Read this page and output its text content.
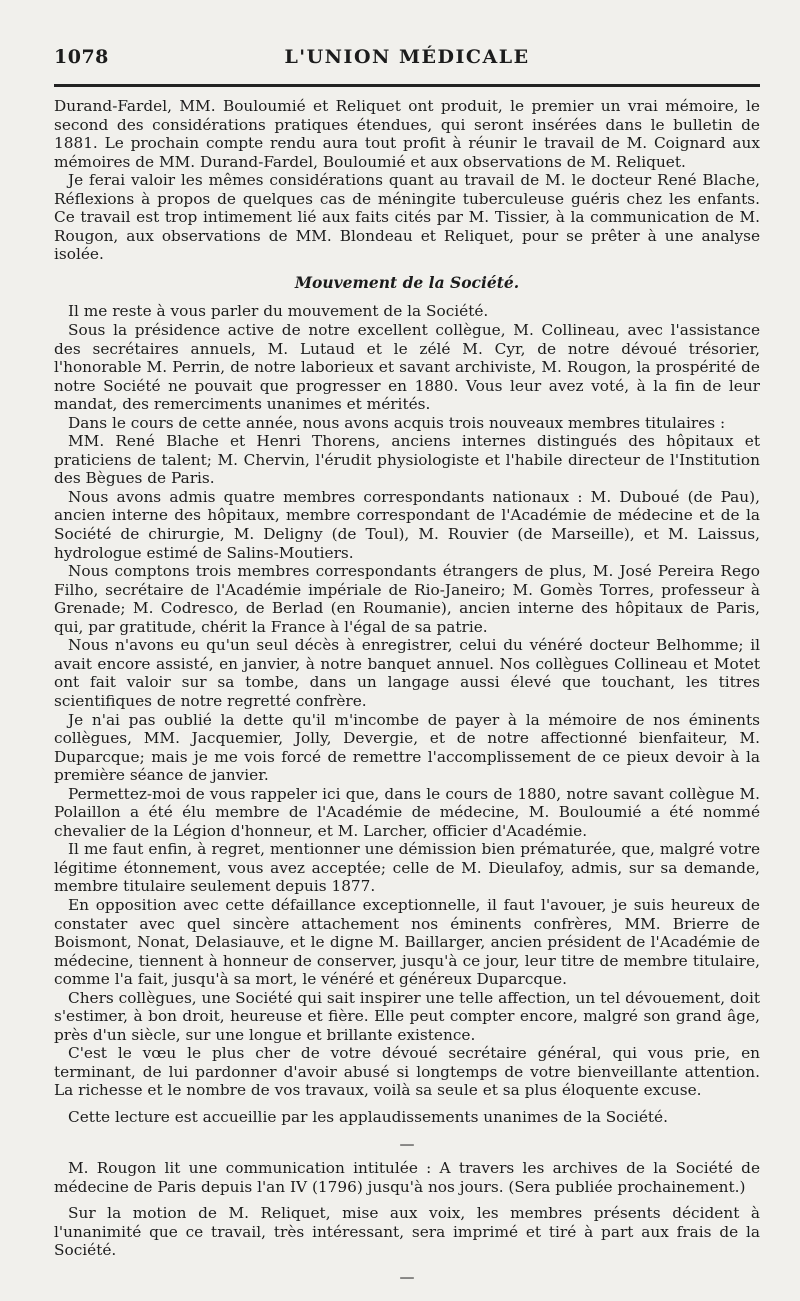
1078	L'UNION MÉDICALE

Durand-Fardel, MM. Bouloumié et Reliquet ont produit, le premier un vrai mémoire, le second des considérations pratiques étendues, qui seront insérées dans le bulletin de 1881. Le prochain compte rendu aura tout profit à réunir le travail de M. Coignard aux mémoires de MM. Durand-Fardel, Bouloumié et aux observations de M. Reliquet.

Je ferai valoir les mêmes considérations quant au travail de M. le docteur René Blache, Réflexions à propos de quelques cas de méningite tuberculeuse guéris chez les enfants. Ce travail est trop intimement lié aux faits cités par M. Tissier, à la communication de M. Rougon, aux observations de MM. Blondeau et Reliquet, pour se prêter à une analyse isolée.

Mouvement de la Société.

Il me reste à vous parler du mouvement de la Société.

Sous la présidence active de notre excellent collègue, M. Collineau, avec l'assistance des secrétaires annuels, M. Lutaud et le zélé M. Cyr, de notre dévoué trésorier, l'honorable M. Perrin, de notre laborieux et savant archiviste, M. Rougon, la prospérité de notre Société ne pouvait que progresser en 1880. Vous leur avez voté, à la fin de leur mandat, des remerciments unanimes et mérités.

Dans le cours de cette année, nous avons acquis trois nouveaux membres titulaires :

MM. René Blache et Henri Thorens, anciens internes distingués des hôpitaux et praticiens de talent; M. Chervin, l'érudit physiologiste et l'habile directeur de l'Institution des Bègues de Paris.

Nous avons admis quatre membres correspondants nationaux : M. Duboué (de Pau), ancien interne des hôpitaux, membre correspondant de l'Académie de médecine et de la Société de chirurgie, M. Deligny (de Toul), M. Rouvier (de Marseille), et M. Laissus, hydrologue estimé de Salins-Moutiers.

Nous comptons trois membres correspondants étrangers de plus, M. José Pereira Rego Filho, secrétaire de l'Académie impériale de Rio-Janeiro; M. Gomès Torres, professeur à Grenade; M. Codresco, de Berlad (en Roumanie), ancien interne des hôpitaux de Paris, qui, par gratitude, chérit la France à l'égal de sa patrie.

Nous n'avons eu qu'un seul décès à enregistrer, celui du vénéré docteur Belhomme; il avait encore assisté, en janvier, à notre banquet annuel. Nos collègues Collineau et Motet ont fait valoir sur sa tombe, dans un langage aussi élevé que touchant, les titres scientifiques de notre regretté confrère.

Je n'ai pas oublié la dette qu'il m'incombe de payer à la mémoire de nos éminents collègues, MM. Jacquemier, Jolly, Devergie, et de notre affectionné bienfaiteur, M. Duparcque; mais je me vois forcé de remettre l'accomplissement de ce pieux devoir à la première séance de janvier.

Permettez-moi de vous rappeler ici que, dans le cours de 1880, notre savant collègue M. Polaillon a été élu membre de l'Académie de médecine, M. Bouloumié a été nommé chevalier de la Légion d'honneur, et M. Larcher, officier d'Académie.

Il me faut enfin, à regret, mentionner une démission bien prématurée, que, malgré votre légitime étonnement, vous avez acceptée; celle de M. Dieulafoy, admis, sur sa demande, membre titulaire seulement depuis 1877.

En opposition avec cette défaillance exceptionnelle, il faut l'avouer, je suis heureux de constater avec quel sincère attachement nos éminents confrères, MM. Brierre de Boismont, Nonat, Delasiauve, et le digne M. Baillarger, ancien président de l'Académie de médecine, tiennent à honneur de conserver, jusqu'à ce jour, leur titre de membre titulaire, comme l'a fait, jusqu'à sa mort, le vénéré et généreux Duparcque.

Chers collègues, une Société qui sait inspirer une telle affection, un tel dévouement, doit s'estimer, à bon droit, heureuse et fière. Elle peut compter encore, malgré son grand âge, près d'un siècle, sur une longue et brillante existence.

C'est le vœu le plus cher de votre dévoué secrétaire général, qui vous prie, en terminant, de lui pardonner d'avoir abusé si longtemps de votre bienveillante attention. La richesse et le nombre de vos travaux, voilà sa seule et sa plus éloquente excuse.

Cette lecture est accueillie par les applaudissements unanimes de la Société.

—

M. Rougon lit une communication intitulée : A travers les archives de la Société de médecine de Paris depuis l'an IV (1796) jusqu'à nos jours. (Sera publiée prochainement.)

Sur la motion de M. Reliquet, mise aux voix, les membres présents décident à l'unanimité que ce travail, très intéressant, sera imprimé et tiré à part aux frais de la Société.

—
